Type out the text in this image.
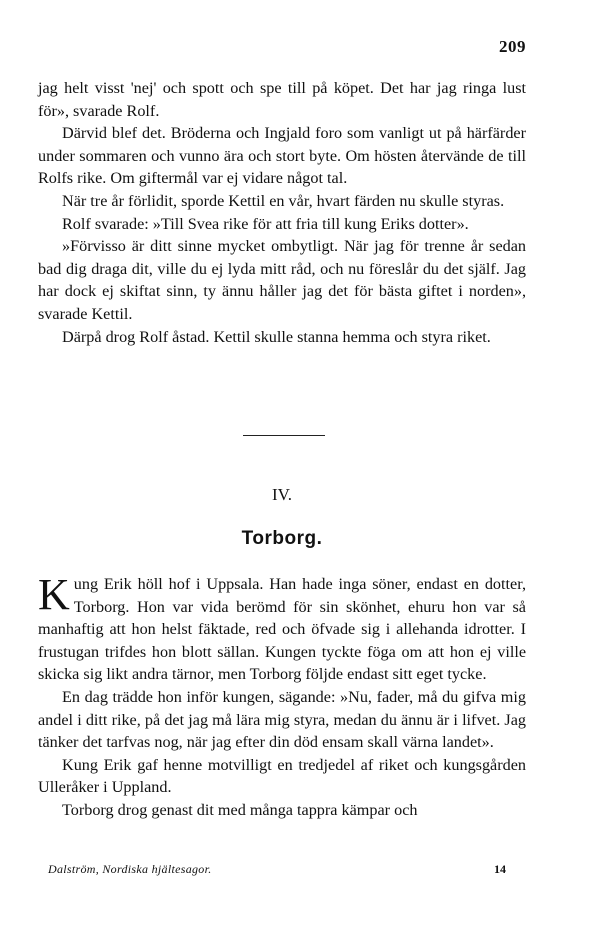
209

jag helt visst 'nej' och spott och spe till på köpet. Det har jag ringa lust för», svarade Rolf.

Därvid blef det. Bröderna och Ingjald foro som vanligt ut på härfärder under sommaren och vunno ära och stort byte. Om hösten återvände de till Rolfs rike. Om giftermål var ej vidare något tal.

När tre år förlidit, sporde Kettil en vår, hvart färden nu skulle styras.

Rolf svarade: »Till Svea rike för att fria till kung Eriks dotter».

»Förvisso är ditt sinne mycket ombytligt. När jag för trenne år sedan bad dig draga dit, ville du ej lyda mitt råd, och nu föreslår du det själf. Jag har dock ej skiftat sinn, ty ännu håller jag det för bästa giftet i norden», svarade Kettil.

Därpå drog Rolf åstad. Kettil skulle stanna hemma och styra riket.

IV.
Torborg.

Kung Erik höll hof i Uppsala. Han hade inga söner, endast en dotter, Torborg. Hon var vida berömd för sin skönhet, ehuru hon var så manhaftig att hon helst fäktade, red och öfvade sig i allehanda idrotter. I frustugan trifdes hon blott sällan. Kungen tyckte föga om att hon ej ville skicka sig likt andra tärnor, men Torborg följde endast sitt eget tycke.

En dag trädde hon inför kungen, sägande: »Nu, fader, må du gifva mig andel i ditt rike, på det jag må lära mig styra, medan du ännu är i lifvet. Jag tänker det tarfvas nog, när jag efter din död ensam skall värna landet».

Kung Erik gaf henne motvilligt en tredjedel af riket och kungsgården Ulleråker i Uppland.

Torborg drog genast dit med många tappra kämpar och

Dalström, Nordiska hjältesagor.	14
